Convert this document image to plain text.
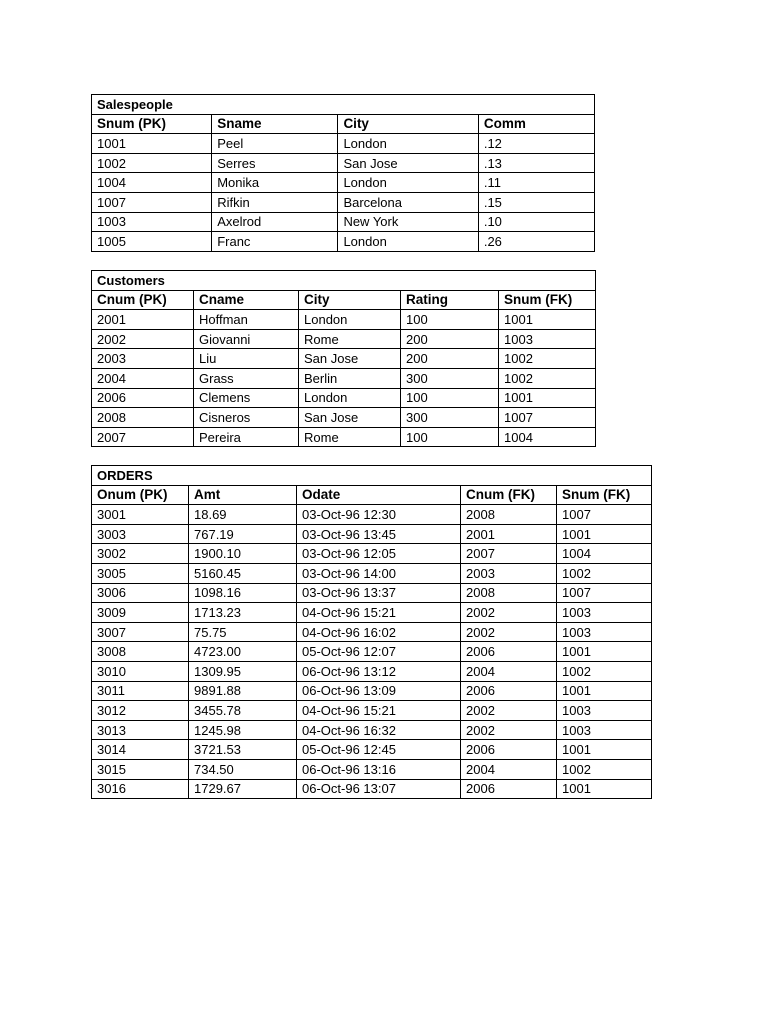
Salespeople			
Snum (PK)	Sname	City	Comm
1001	Peel	London	.12
1002	Serres	San Jose	.13
1004	Monika	London	.11
1007	Rifkin	Barcelona	.15
1003	Axelrod	New York	.10
1005	Franc	London	.26
Customers				
Cnum (PK)	Cname	City	Rating	Snum (FK)
2001	Hoffman	London	100	1001
2002	Giovanni	Rome	200	1003
2003	Liu	San Jose	200	1002
2004	Grass	Berlin	300	1002
2006	Clemens	London	100	1001
2008	Cisneros	San Jose	300	1007
2007	Pereira	Rome	100	1004
ORDERS				
Onum (PK)	Amt	Odate	Cnum (FK)	Snum (FK)
3001	18.69	03-Oct-96 12:30	2008	1007
3003	767.19	03-Oct-96 13:45	2001	1001
3002	1900.10	03-Oct-96 12:05	2007	1004
3005	5160.45	03-Oct-96 14:00	2003	1002
3006	1098.16	03-Oct-96 13:37	2008	1007
3009	1713.23	04-Oct-96 15:21	2002	1003
3007	75.75	04-Oct-96 16:02	2002	1003
3008	4723.00	05-Oct-96 12:07	2006	1001
3010	1309.95	06-Oct-96 13:12	2004	1002
3011	9891.88	06-Oct-96 13:09	2006	1001
3012	3455.78	04-Oct-96 15:21	2002	1003
3013	1245.98	04-Oct-96 16:32	2002	1003
3014	3721.53	05-Oct-96 12:45	2006	1001
3015	734.50	06-Oct-96 13:16	2004	1002
3016	1729.67	06-Oct-96 13:07	2006	1001
